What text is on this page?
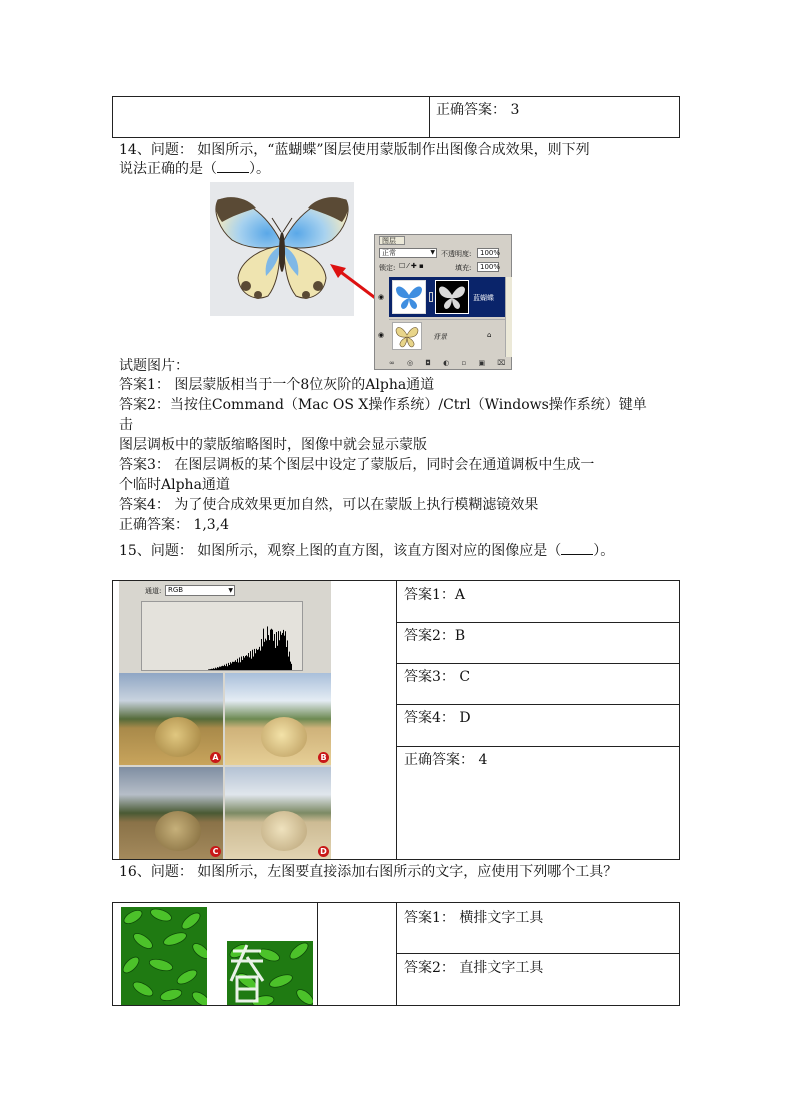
正确答案： 3
14、问题： 如图所示，“蓝蝴蝶”图层使用蒙版制作出图像合成效果，则下列
说法正确的是（ ）。
图层
正常	▼ 不透明度:	100%
锁定: ☐ ⁄ ✚ ▪	填充:	100%
蓝蝴蝶
◉
背景	⌂
◉
∞ ◎ ◘ ◐ ▫ ▣ ⌧
试题图片：
答案1： 图层蒙版相当于一个8位灰阶的Alpha通道
答案2：当按住Command（Mac OS X操作系统）/Ctrl（Windows操作系统）键单
击
图层调板中的蒙版缩略图时，图像中就会显示蒙版
答案3： 在图层调板的某个图层中设定了蒙版后，同时会在通道调板中生成一
个临时Alpha通道
答案4： 为了使合成效果更加自然，可以在蒙版上执行模糊滤镜效果
正确答案： 1,3,4
15、问题： 如图所示，观察上图的直方图，该直方图对应的图像应是（ ）。
通道: RGB	▼
A	B
C	D
答案1：A
答案2：B
答案3： C
答案4： D
正确答案： 4
16、问题： 如图所示，左图要直接添加右图所示的文字，应使用下列哪个工具？
答案1： 横排文字工具
答案2： 直排文字工具
